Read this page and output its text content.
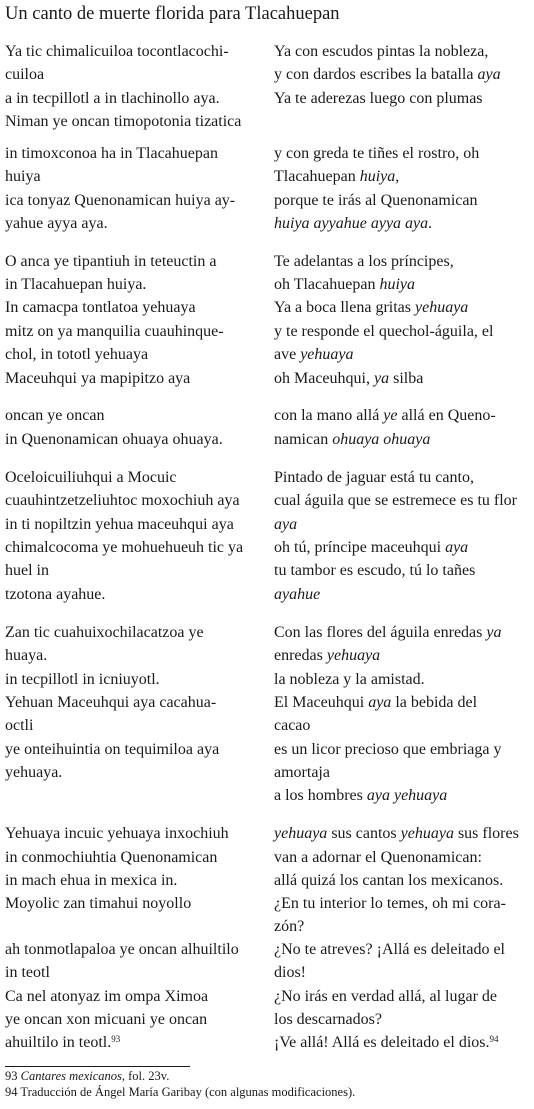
Un canto de muerte florida para Tlacahuepan
Ya tic chimalicuiloa tocontlacochi-
cuiloa
a in tecpillotl a in tlachinollo aya.
Niman ye oncan timopotonia tizatica
in timoxconoa ha in Tlacahuepan
huiya
ica tonyaz Quenonamican huiya ay-
yahue ayya aya.
O anca ye tipantiuh in teteuctin a
in Tlacahuepan huiya.
In camacpa tontlatoa yehuaya
mitz on ya manquilia cuauhinque-
chol, in tototl yehuaya
Maceuhqui ya mapipitzo aya
oncan ye oncan
in Quenonamican ohuaya ohuaya.
Oceloicuiliuhqui a Mocuic
cuauhintzetzeliuhtoc moxochiuh aya
in ti nopiltzin yehua maceuhqui aya
chimalcocoma ye mohuehueuh tic ya
huel in
tzotona ayahue.
Zan tic cuahuixochilacatzoa ye
huaya.
in tecpillotl in icniuyotl.
Yehuan Maceuhqui aya cacahua-
octli
ye onteihuintia on tequimiloa aya
yehuaya.
Yehuaya incuic yehuaya inxochiuh
in conmochiuhtia Quenonamican
in mach ehua in mexica in.
Moyolic zan timahui noyollo
ah tonmotlapaloa ye oncan alhuiltilo
in teotl
Ca nel atonyaz im ompa Ximoa
ye oncan xon micuani ye oncan
ahuiltilo in teotl.$^{93}$
Ya con escudos pintas la nobleza,
y con dardos escribes la batalla aya
Ya te aderezas luego con plumas
y con greda te tiñes el rostro, oh
Tlacahuepan huiya,
porque te irás al Quenonamican
huiya ayyahue ayya aya.
Te adelantas a los príncipes,
oh Tlacahuepan huiya
Ya a boca llena gritas yehuaya
y te responde el quechol-águila, el
ave yehuaya
oh Maceuhqui, ya silba
con la mano allá ye allá en Queno-
namican ohuaya ohuaya
Pintado de jaguar está tu canto,
cual águila que se estremece es tu flor
aya
oh tú, príncipe maceuhqui aya
tu tambor es escudo, tú lo tañes
ayahue
Con las flores del águila enredas ya
enredas yehuaya
la nobleza y la amistad.
El Maceuhqui aya la bebida del
cacao
es un licor precioso que embriaga y
amortaja
a los hombres aya yehuaya
yehuaya sus cantos yehuaya sus flores
van a adornar el Quenonamican:
allá quizá los cantan los mexicanos.
¿En tu interior lo temes, oh mi cora-
zón?
¿No te atreves? ¡Allá es deleitado el
dios!
¿No irás en verdad allá, al lugar de
los descarnados?
¡Ve allá! Allá es deleitado el dios.$^{94}$
93 Cantares mexicanos, fol. 23v.
94 Traducción de Ángel María Garibay (con algunas modificaciones).
